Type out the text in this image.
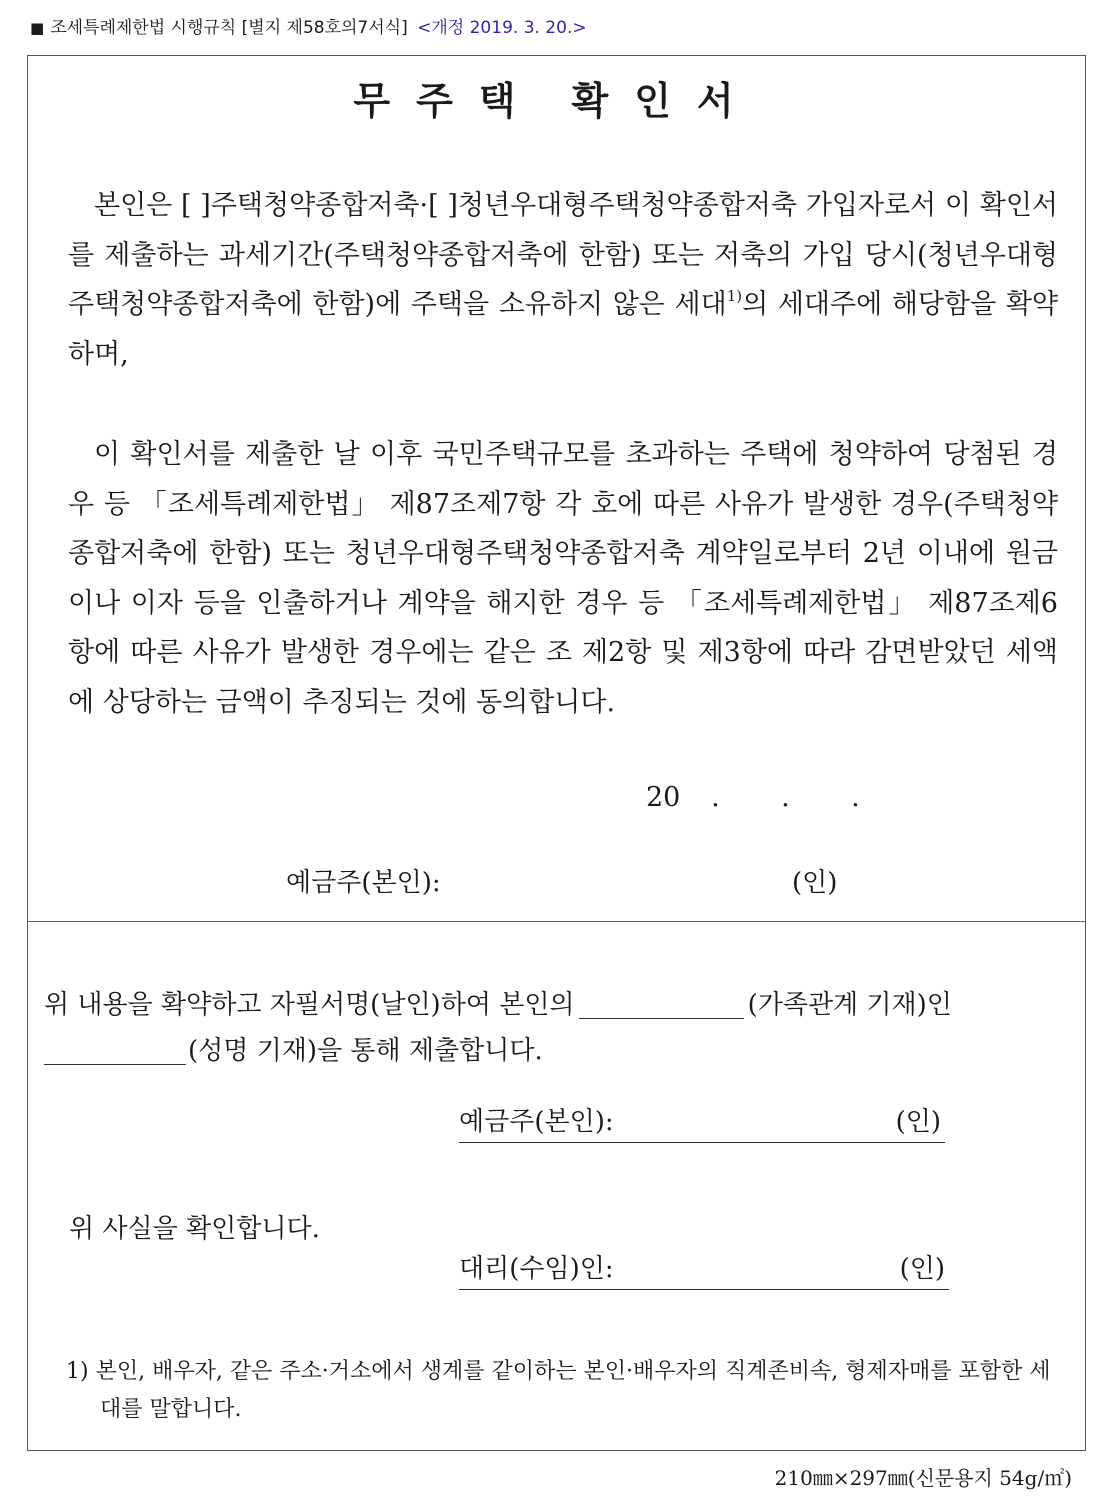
■ 조세특례제한법 시행규칙 [별지 제58호의7서식] <개정 2019. 3. 20.>
무주택 확인서
본인은 [ ]주택청약종합저축·[ ]청년우대형주택청약종합저축 가입자로서 이 확인서를 제출하는 과세기간(주택청약종합저축에 한함) 또는 저축의 가입 당시(청년우대형주택청약종합저축에 한함)에 주택을 소유하지 않은 세대$^{1)}$의 세대주에 해당함을 확약하며,
이 확인서를 제출한 날 이후 국민주택규모를 초과하는 주택에 청약하여 당첨된 경우 등 「조세특례제한법」 제87조제7항 각 호에 따른 사유가 발생한 경우(주택청약종합저축에 한함) 또는 청년우대형주택청약종합저축 계약일로부터 2년 이내에 원금이나 이자 등을 인출하거나 계약을 해지한 경우 등 「조세특례제한법」 제87조제6항에 따른 사유가 발생한 경우에는 같은 조 제2항 및 제3항에 따라 감면받았던 세액에 상당하는 금액이 추징되는 것에 동의합니다.
20 . . .
예금주(본인):	(인)
위 내용을 확약하고 자필서명(날인)하여 본인의	(가족관계 기재)인
(성명 기재)을 통해 제출합니다.
예금주(본인):	(인)
위 사실을 확인합니다.
대리(수임)인:	(인)
1) 본인, 배우자, 같은 주소·거소에서 생계를 같이하는 본인·배우자의 직계존비속, 형제자매를 포함한 세대를 말합니다.
210㎜×297㎜(신문용지 54g/㎡)
